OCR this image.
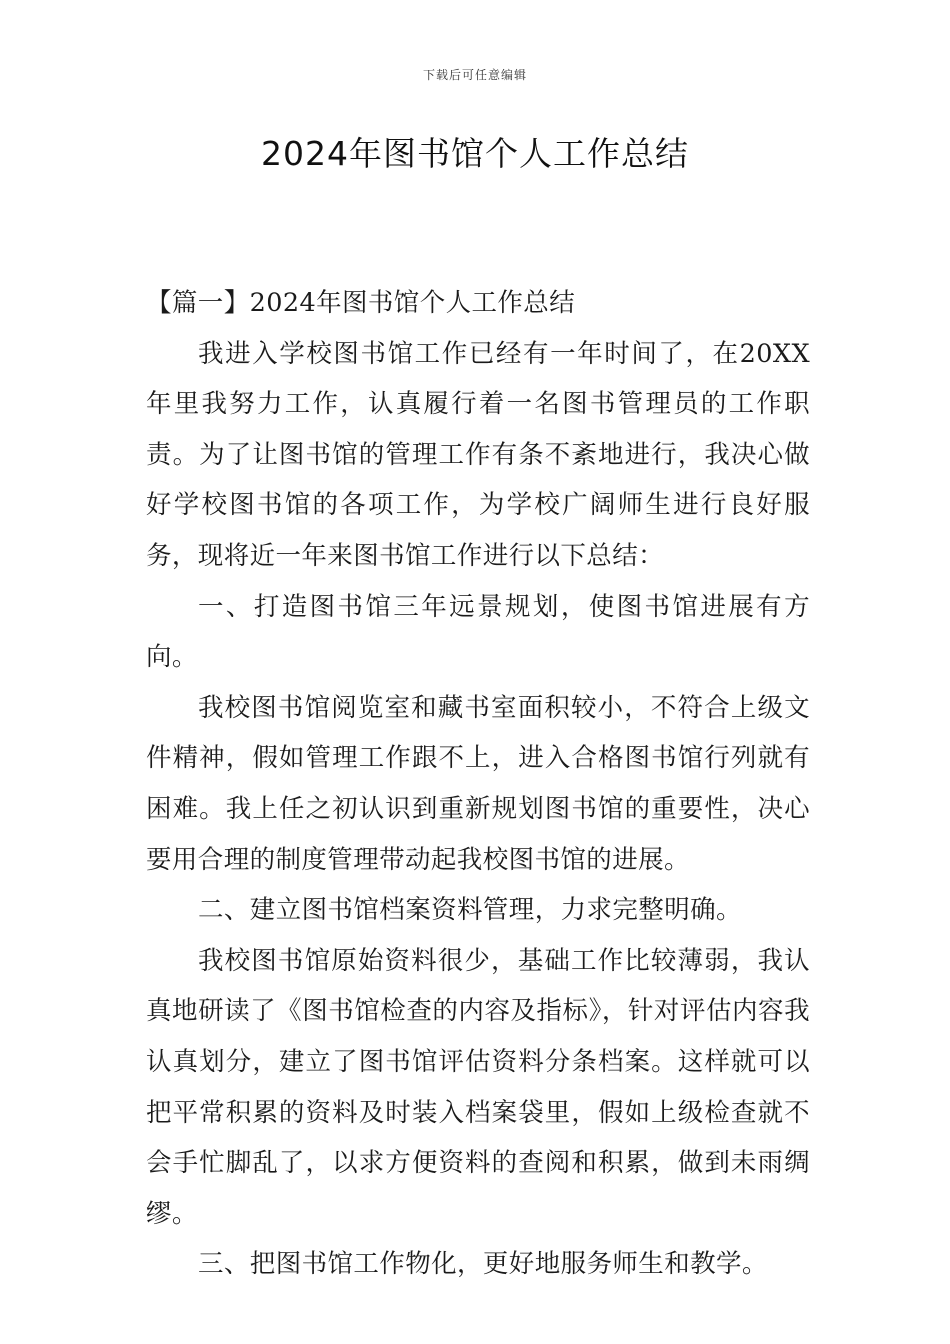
下载后可任意编辑
2024年图书馆个人工作总结

【篇一】2024年图书馆个人工作总结

我进入学校图书馆工作已经有一年时间了，在20XX年里我努力工作，认真履行着一名图书管理员的工作职责。为了让图书馆的管理工作有条不紊地进行，我决心做好学校图书馆的各项工作，为学校广阔师生进行良好服务，现将近一年来图书馆工作进行以下总结：

一、打造图书馆三年远景规划，使图书馆进展有方向。

我校图书馆阅览室和藏书室面积较小，不符合上级文件精神，假如管理工作跟不上，进入合格图书馆行列就有困难。我上任之初认识到重新规划图书馆的重要性，决心要用合理的制度管理带动起我校图书馆的进展。

二、建立图书馆档案资料管理，力求完整明确。

我校图书馆原始资料很少，基础工作比较薄弱，我认真地研读了《图书馆检查的内容及指标》，针对评估内容我认真划分，建立了图书馆评估资料分条档案。这样就可以把平常积累的资料及时装入档案袋里，假如上级检查就不会手忙脚乱了，以求方便资料的查阅和积累，做到未雨绸缪。

三、把图书馆工作物化，更好地服务师生和教学。
